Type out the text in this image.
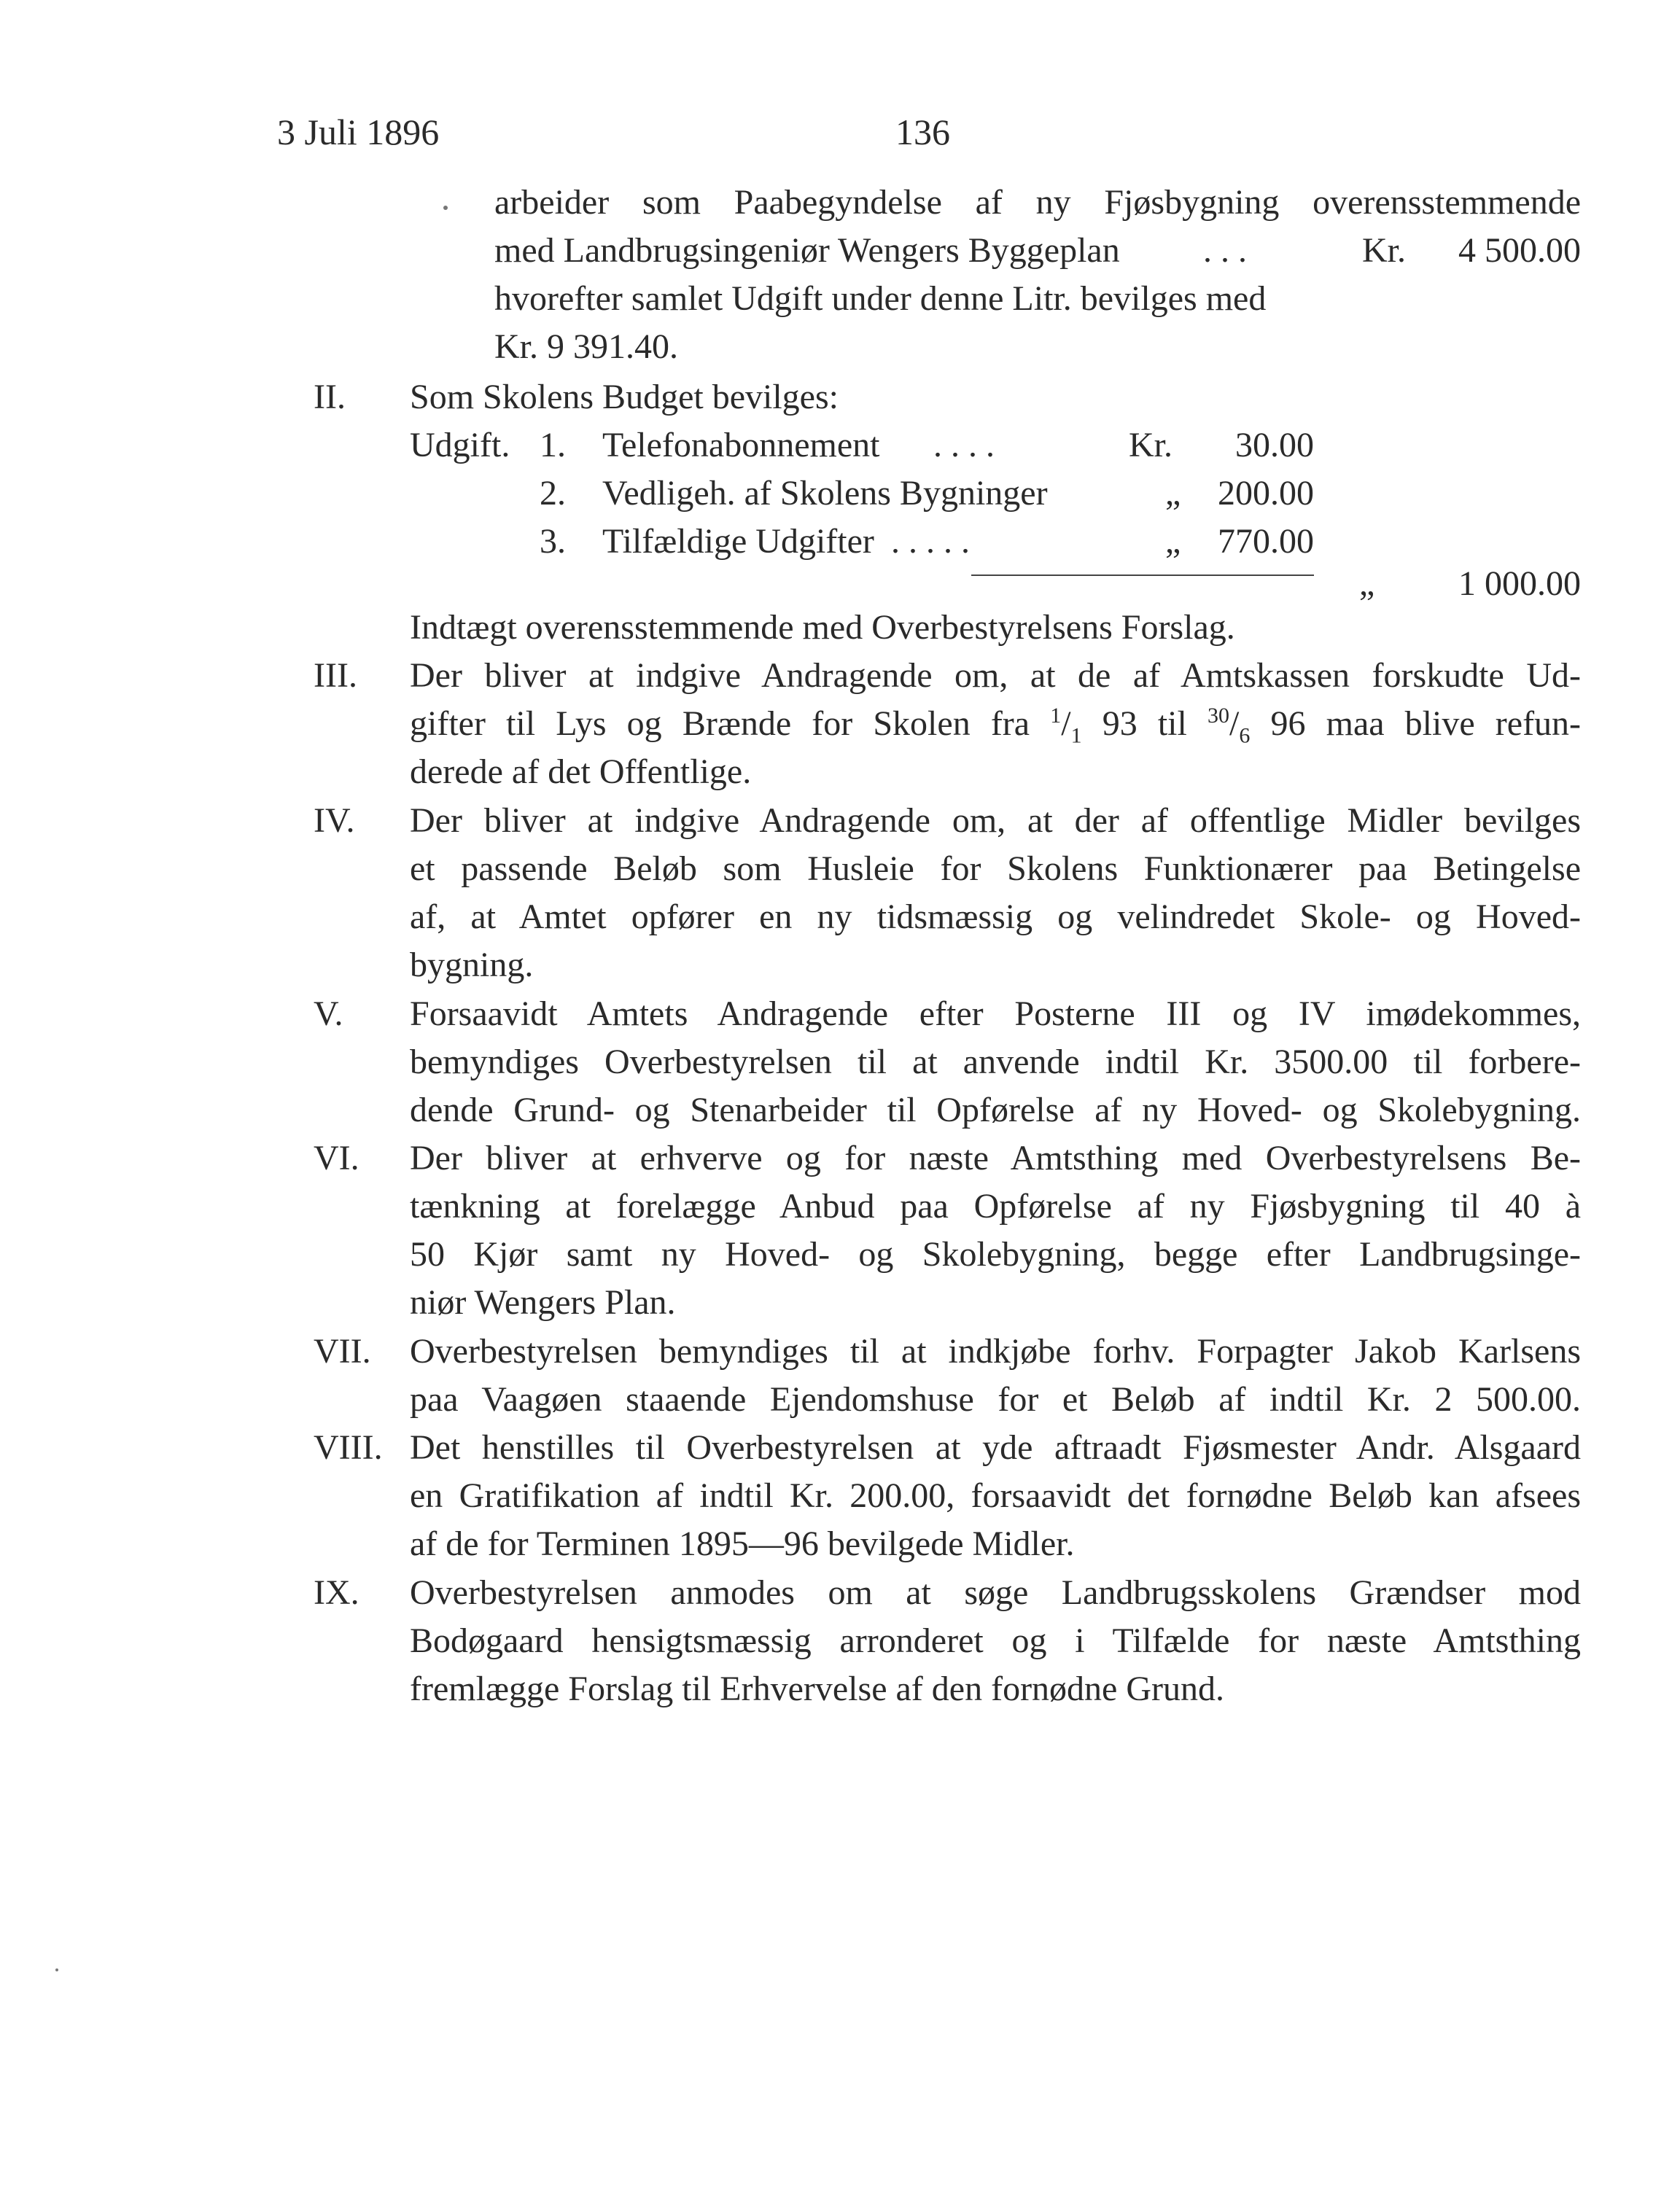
3 Juli 1896	136
arbeider som Paabegyndelse af ny Fjøsbygning overensstemmende
med Landbrugsingeniør Wengers Byggeplan . . .	Kr. 4 500.00
hvorefter samlet Udgift under denne Litr. bevilges med
Kr. 9 391.40.
II. Som Skolens Budget bevilges:
Udgift. 1. Telefonabonnement . . . .	Kr.	30.00
2. Vedligeh. af Skolens Bygninger	„	200.00
3. Tilfældige Udgifter . . . . .	„	770.00
„	1 000.00
Indtægt overensstemmende med Overbestyrelsens Forslag.
III. Der bliver at indgive Andragende om, at de af Amtskassen forskudte Ud-
gifter til Lys og Brænde for Skolen fra $^1/_1$ 93 til $^{30}/_6$ 96 maa blive refun-
derede af det Offentlige.
IV. Der bliver at indgive Andragende om, at der af offentlige Midler bevilges
et passende Beløb som Husleie for Skolens Funktionærer paa Betingelse
af, at Amtet opfører en ny tidsmæssig og velindredet Skole- og Hoved-
bygning.
V. Forsaavidt Amtets Andragende efter Posterne III og IV imødekommes,
bemyndiges Overbestyrelsen til at anvende indtil Kr. 3500.00 til forbere-
dende Grund- og Stenarbeider til Opførelse af ny Hoved- og Skolebygning.
VI. Der bliver at erhverve og for næste Amtsthing med Overbestyrelsens Be-
tænkning at forelægge Anbud paa Opførelse af ny Fjøsbygning til 40 à
50 Kjør samt ny Hoved- og Skolebygning, begge efter Landbrugsinge-
niør Wengers Plan.
VII. Overbestyrelsen bemyndiges til at indkjøbe forhv. Forpagter Jakob Karlsens
paa Vaagøen staaende Ejendomshuse for et Beløb af indtil Kr. 2 500.00.
VIII. Det henstilles til Overbestyrelsen at yde aftraadt Fjøsmester Andr. Alsgaard
en Gratifikation af indtil Kr. 200.00, forsaavidt det fornødne Beløb kan afsees
af de for Terminen 1895—96 bevilgede Midler.
IX. Overbestyrelsen anmodes om at søge Landbrugsskolens Grændser mod
Bodøgaard hensigtsmæssig arronderet og i Tilfælde for næste Amtsthing
fremlægge Forslag til Erhvervelse af den fornødne Grund.
